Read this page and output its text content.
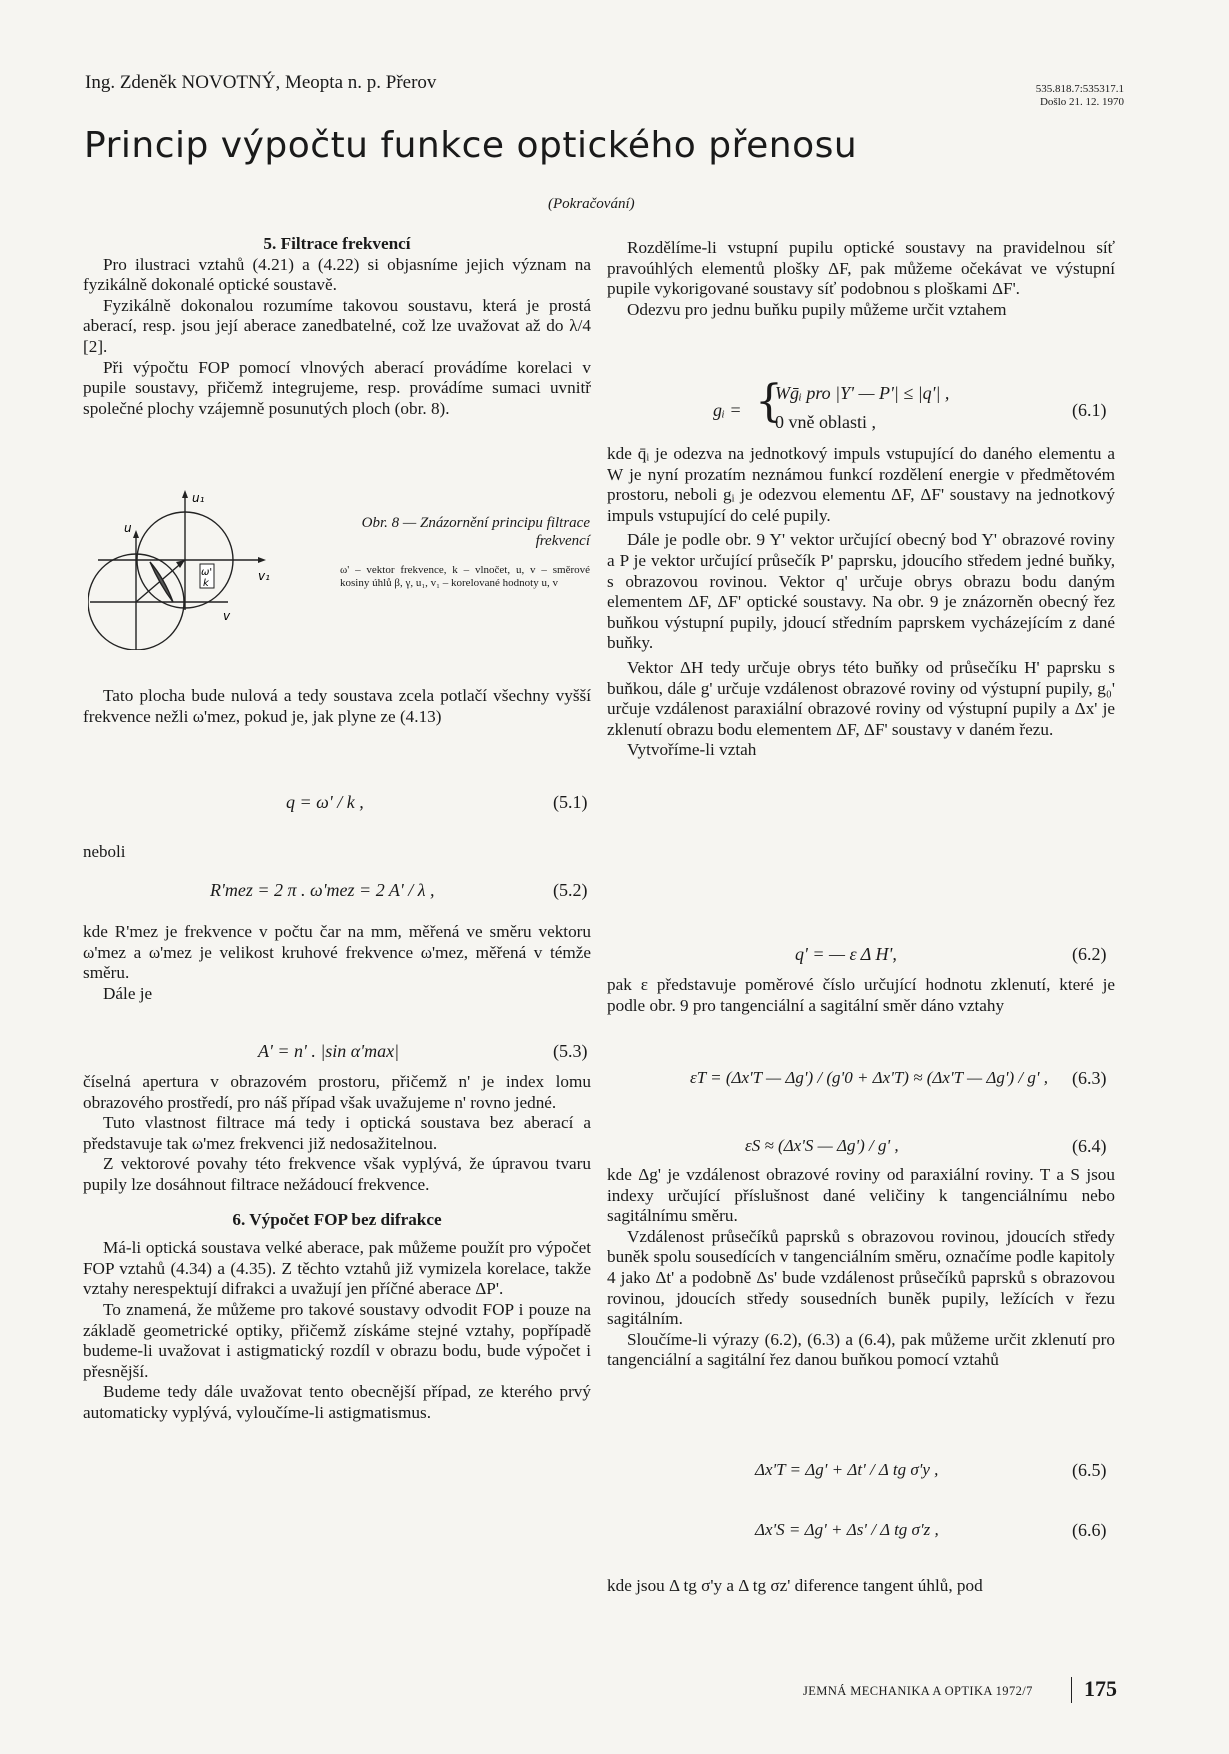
Ing. Zdeněk NOVOTNÝ, Meopta n. p. Přerov	535.818.7:535317.1
Došlo 21. 12. 1970
Princip výpočtu funkce optického přenosu
(Pokračování)

5. Filtrace frekvencí

Pro ilustraci vztahů (4.21) a (4.22) si objasníme jejich význam na fyzikálně dokonalé optické soustavě.

Fyzikálně dokonalou rozumíme takovou soustavu, která je prostá aberací, resp. jsou její aberace zanedbatelné, což lze uvažovat až do λ/4 [2].

Při výpočtu FOP pomocí vlnových aberací provádíme korelaci v pupile soustavy, přičemž integrujeme, resp. provádíme sumaci uvnitř společné plochy vzájemně posunutých ploch (obr. 8).

u₁
u
v₁
v
ω'
k
Obr. 8 — Znázornění principu filtrace frekvencí
ω' – vektor frekvence, k – vlnočet, u, v – směrové kosiny úhlů β, γ, u₁, v₁ – korelované hodnoty u, v

Tato plocha bude nulová a tedy soustava zcela potlačí všechny vyšší frekvence nežli ω'mez, pokud je, jak plyne ze (4.13)

q = ω' / k ,	(5.1)
neboli
R'mez = 2 π . ω'mez = 2 A' / λ ,	(5.2)

kde R'mez je frekvence v počtu čar na mm, měřená ve směru vektoru ω'mez a ω'mez je velikost kruhové frekvence ω'mez, měřená v témže směru.

Dále je

A' = n' . |sin α'max|	(5.3)

číselná apertura v obrazovém prostoru, přičemž n' je index lomu obrazového prostředí, pro náš případ však uvažujeme n' rovno jedné.

Tuto vlastnost filtrace má tedy i optická soustava bez aberací a představuje tak ω'mez frekvenci již nedosažitelnou.

Z vektorové povahy této frekvence však vyplývá, že úpravou tvaru pupily lze dosáhnout filtrace nežádoucí frekvence.

6. Výpočet FOP bez difrakce

Má-li optická soustava velké aberace, pak můžeme použít pro výpočet FOP vztahů (4.34) a (4.35). Z těchto vztahů již vymizela korelace, takže vztahy nerespektují difrakci a uvažují jen příčné aberace ΔP'.

To znamená, že můžeme pro takové soustavy odvodit FOP i pouze na základě geometrické optiky, přičemž získáme stejné vztahy, popřípadě budeme-li uvažovat i astigmatický rozdíl v obrazu bodu, bude výpočet i přesnější.

Budeme tedy dále uvažovat tento obecnější případ, ze kterého prvý automaticky vyplývá, vyloučíme-li astigmatismus.

Rozdělíme-li vstupní pupilu optické soustavy na pravidelnou síť pravoúhlých elementů plošky ΔF, pak můžeme očekávat ve výstupní pupile vykorigované soustavy síť podobnou s ploškami ΔF'.

Odezvu pro jednu buňku pupily můžeme určit vztahem

gᵢ = {
Wḡᵢ pro |Y' — P'| ≤ |q'| ,
0 vně oblasti ,
(6.1)

kde q̄ᵢ je odezva na jednotkový impuls vstupující do daného elementu a W je nyní prozatím neznámou funkcí rozdělení energie v předmětovém prostoru, neboli gᵢ je odezvou elementu ΔF, ΔF' soustavy na jednotkový impuls vstupující do celé pupily.

Dále je podle obr. 9 Y' vektor určující obecný bod Y' obrazové roviny a P je vektor určující průsečík P' paprsku, jdoucího středem jedné buňky, s obrazovou rovinou. Vektor q' určuje obrys obrazu bodu daným elementem ΔF, ΔF' optické soustavy. Na obr. 9 je znázorněn obecný řez buňkou výstupní pupily, jdoucí středním paprskem vycházejícím z dané buňky.

Vektor ΔH tedy určuje obrys této buňky od průsečíku H' paprsku s buňkou, dále g' určuje vzdálenost obrazové roviny od výstupní pupily, g₀' určuje vzdálenost paraxiální obrazové roviny od výstupní pupily a Δx' je zklenutí obrazu bodu elementem ΔF, ΔF' soustavy v daném řezu.

Vytvoříme-li vztah

q' = — ε Δ H',	(6.2)

pak ε představuje poměrové číslo určující hodnotu zklenutí, které je podle obr. 9 pro tangenciální a sagitální směr dáno vztahy

εT = (Δx'T — Δg') / (g'0 + Δx'T) ≈ (Δx'T — Δg') / g' , (6.3)
εS ≈ (Δx'S — Δg') / g' ,	(6.4)

kde Δg' je vzdálenost obrazové roviny od paraxiální roviny. T a S jsou indexy určující příslušnost dané veličiny k tangenciálnímu nebo sagitálnímu směru.

Vzdálenost průsečíků paprsků s obrazovou rovinou, jdoucích středy buněk spolu sousedících v tangenciálním směru, označíme podle kapitoly 4 jako Δt' a podobně Δs' bude vzdálenost průsečíků paprsků s obrazovou rovinou, jdoucích středy sousedních buněk pupily, ležících v řezu sagitálním.

Sloučíme-li výrazy (6.2), (6.3) a (6.4), pak můžeme určit zklenutí pro tangenciální a sagitální řez danou buňkou pomocí vztahů

Δx'T = Δg' + Δt' / Δ tg σ'y ,	(6.5)
Δx'S = Δg' + Δs' / Δ tg σ'z ,	(6.6)

kde jsou Δ tg σ'y a Δ tg σz' diference tangent úhlů, pod

JEMNÁ MECHANIKA A OPTIKA 1972/7 175
